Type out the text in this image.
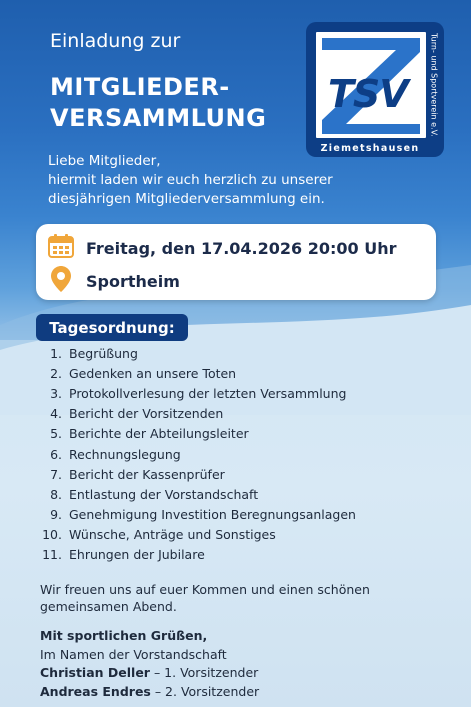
Einladung zur
MITGLIEDER-
VERSAMMLUNG
Liebe Mitglieder,
hiermit laden wir euch herzlich zu unserer
diesjährigen Mitgliederversammlung ein.
TSV	Turn- und Sportverein e.V.
Ziemetshausen
Freitag, den 17.04.2026 20:00 Uhr
Sportheim
Tagesordnung:
1. Begrüßung
2. Gedenken an unsere Toten
3. Protokollverlesung der letzten Versammlung
4. Bericht der Vorsitzenden
5. Berichte der Abteilungsleiter
6. Rechnungslegung
7. Bericht der Kassenprüfer
8. Entlastung der Vorstandschaft
9. Genehmigung Investition Beregnungsanlagen
10. Wünsche, Anträge und Sonstiges
11. Ehrungen der Jubilare
Wir freuen uns auf euer Kommen und einen schönen
gemeinsamen Abend.
Mit sportlichen Grüßen,
Im Namen der Vorstandschaft
Christian Deller – 1. Vorsitzender
Andreas Endres – 2. Vorsitzender
